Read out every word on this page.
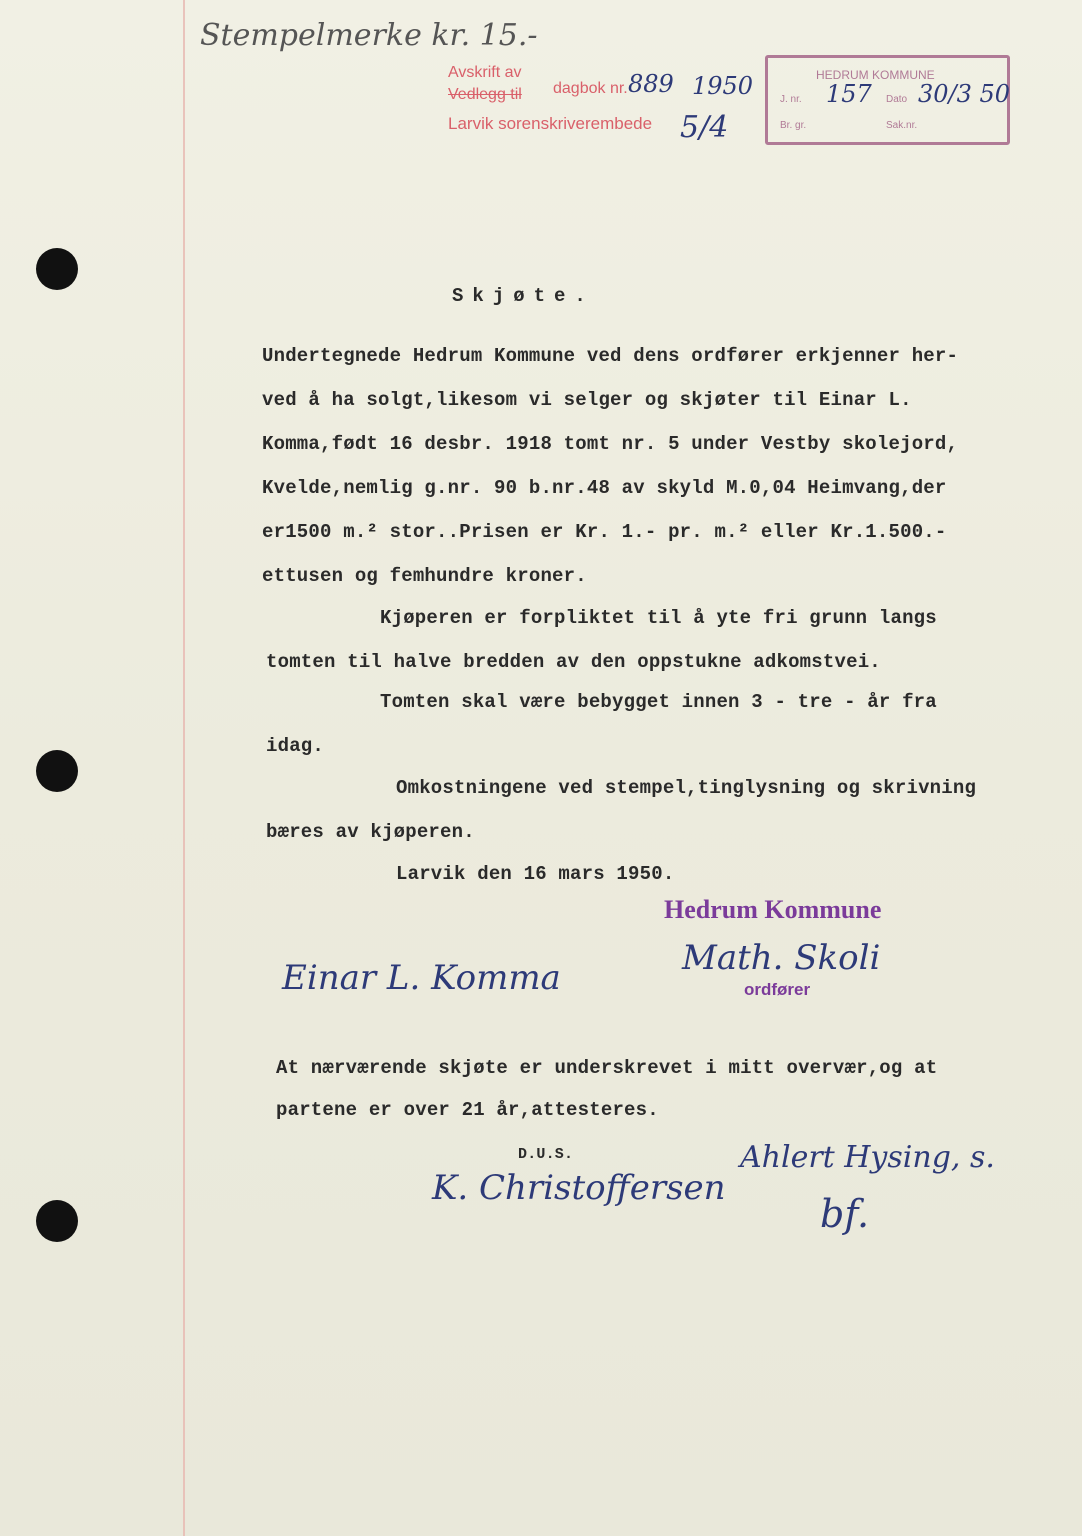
Stempelmerke kr. 15.-
Avskrift av
Vedlegg til dagbok nr. 889 1950
Larvik sorenskriverembede 5/4
HEDRUM KOMMUNE
J. nr. 157 Dato 30/3 50
Br. gr.	Sak.nr.
Skjøte.
Undertegnede Hedrum Kommune ved dens ordfører erkjenner her-
ved å ha solgt,likesom vi selger og skjøter til Einar L.
Komma,født 16 desbr. 1918 tomt nr. 5 under Vestby skolejord,
Kvelde,nemlig g.nr. 90 b.nr.48 av skyld M.0,04 Heimvang,der
er1500 m.² stor..Prisen er Kr. 1.- pr. m.² eller Kr.1.500.-
ettusen og femhundre kroner.
Kjøperen er forpliktet til å yte fri grunn langs
tomten til halve bredden av den oppstukne adkomstvei.
Tomten skal være bebygget innen 3 - tre - år fra
idag.
Omkostningene ved stempel,tinglysning og skrivning
bæres av kjøperen.
Larvik den 16 mars 1950.
Hedrum Kommune
Math. Skoli
ordfører
Einar L. Komma
At nærværende skjøte er underskrevet i mitt overvær,og at
partene er over 21 år,attesteres.
D.U.S.
K. Christoffersen
Ahlert Hysing, s.
bf.
